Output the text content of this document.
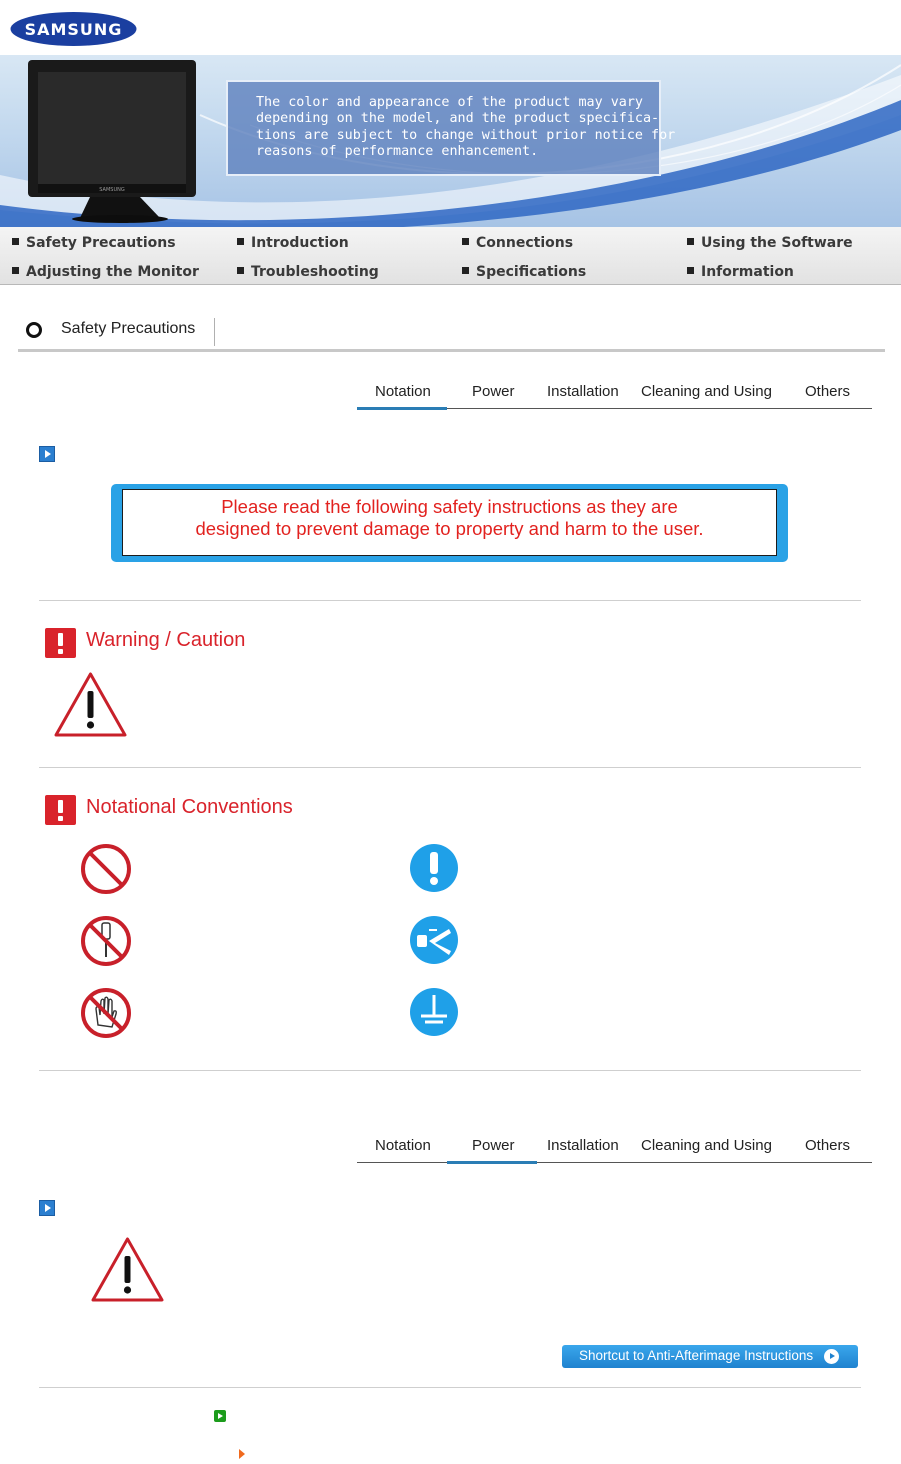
SAMSUNG
SAMSUNG
The color and appearance of the product may vary
depending on the model, and the product specifica-
tions are subject to change without prior notice for
reasons of performance enhancement.
Safety Precautions	Introduction	Connections	Using the Software
Adjusting the Monitor	Troubleshooting	Specifications	Information
Safety Precautions
Notation	Power Installation Cleaning and Using Others
Please read the following safety instructions as they are
designed to prevent damage to property and harm to the user.
Warning / Caution
Notational Conventions
Notation	Power Installation Cleaning and Using Others
Shortcut to Anti-Afterimage Instructions
